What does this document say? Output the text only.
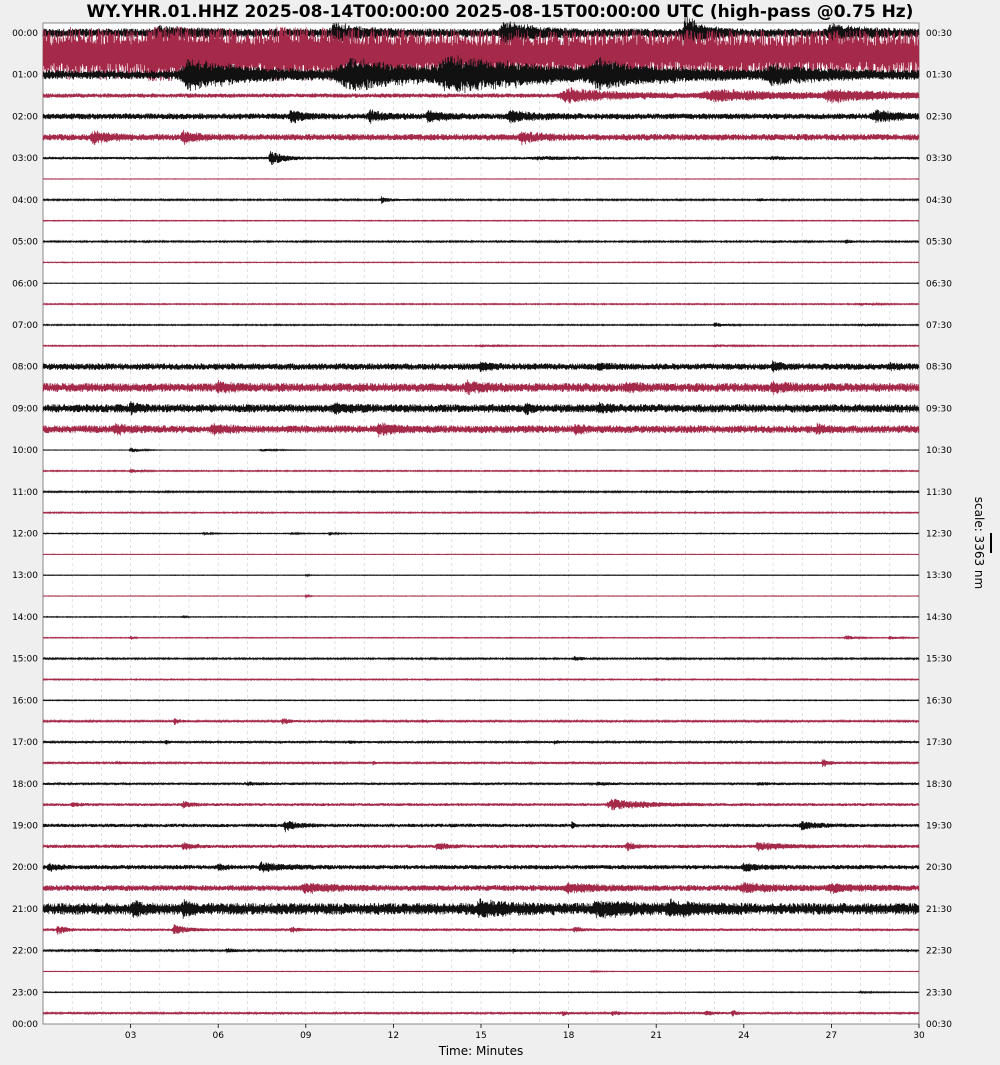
WY.YHR.01.HHZ 2025-08-14T00:00:00 2025-08-15T00:00:00 UTC (high-pass @0.75 Hz)
00:00
01:00
02:00
03:00
04:00
05:00
06:00
07:00
08:00
09:00
10:00
11:00
12:00
13:00
14:00
15:00
16:00
17:00
18:00
19:00
20:00
21:00
22:00
23:00
00:00
00:30
01:30
02:30
03:30
04:30
05:30
06:30
07:30
08:30
09:30
10:30
11:30
12:30
13:30
14:30
15:30
16:30
17:30
18:30
19:30
20:30
21:30
22:30
23:30
00:30
03	06	09	12	15	18	21	24	27	30
Time: Minutes
scale: 3363 nm
